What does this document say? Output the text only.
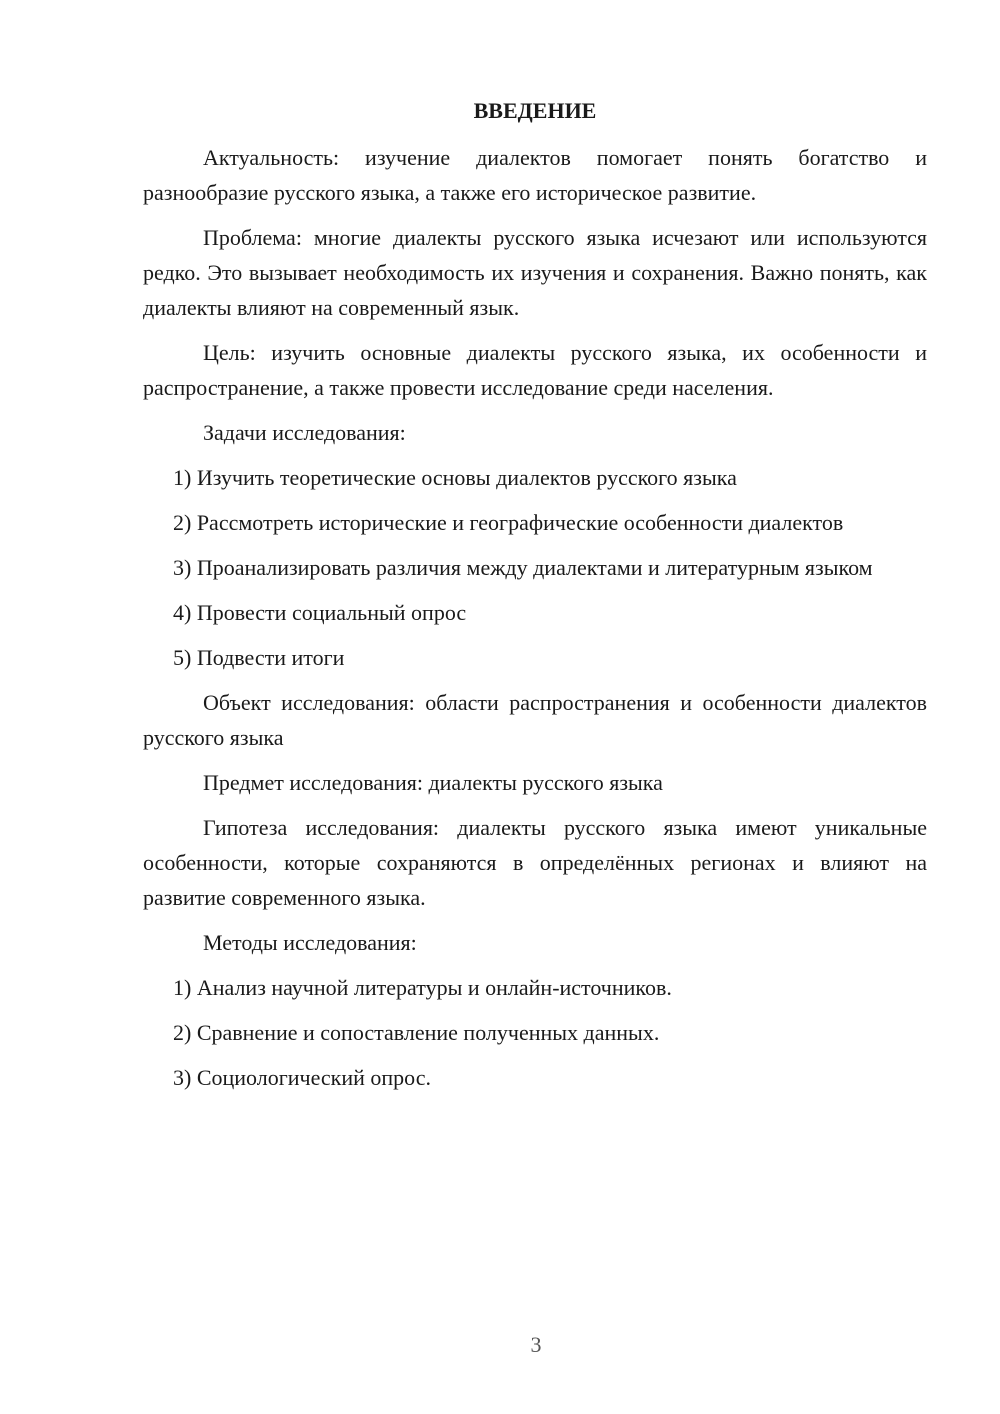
ВВЕДЕНИЕ

Актуальность: изучение диалектов помогает понять богатство и разнообразие русского языка, а также его историческое развитие.

Проблема: многие диалекты русского языка исчезают или используются редко. Это вызывает необходимость их изучения и сохранения. Важно понять, как диалекты влияют на современный язык.

Цель: изучить основные диалекты русского языка, их особенности и распространение, а также провести исследование среди населения.

Задачи исследования:

1) Изучить теоретические основы диалектов русского языка

2) Рассмотреть исторические и географические особенности диалектов

3) Проанализировать различия между диалектами и литературным языком

4) Провести социальный опрос

5) Подвести итоги

Объект исследования: области распространения и особенности диалектов русского языка

Предмет исследования: диалекты русского языка

Гипотеза исследования: диалекты русского языка имеют уникальные особенности, которые сохраняются в определённых регионах и влияют на развитие современного языка.

Методы исследования:

1) Анализ научной литературы и онлайн-источников.

2) Сравнение и сопоставление полученных данных.

3) Социологический опрос.

3
